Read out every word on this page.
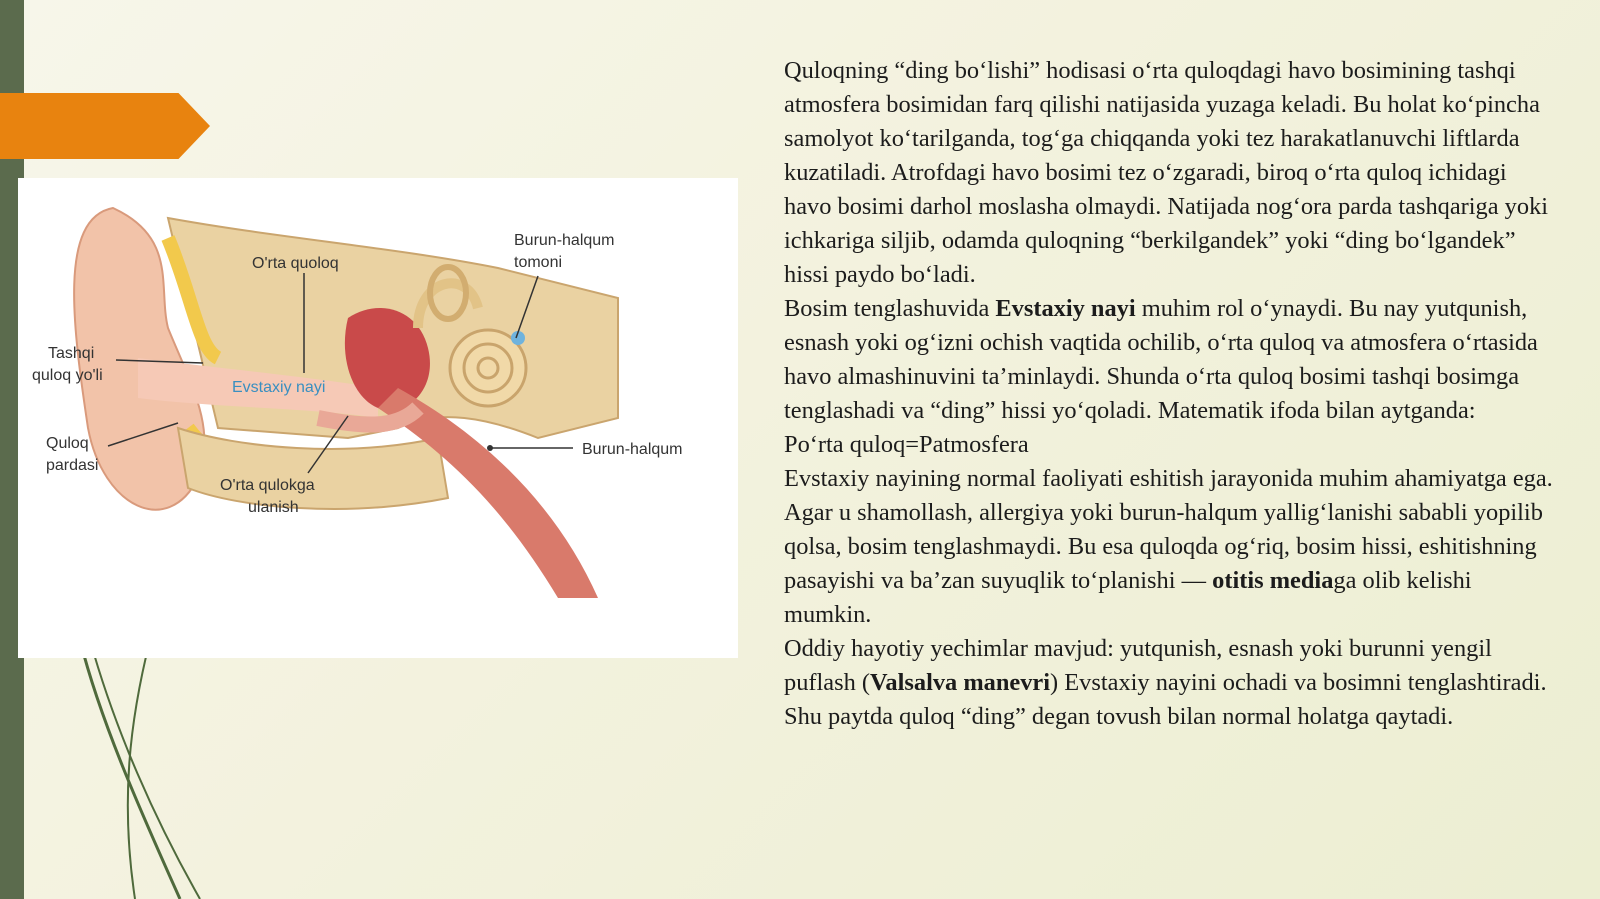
O'rta quoloq
Burun-halqum
tomoni
Tashqi
quloq yo'li
Evstaxiy nayi
Quloq
pardasi
O'rta qulokga
ulanish
Burun-halqum

Quloqning “ding bo‘lishi” hodisasi o‘rta quloqdagi havo bosimining tashqi atmosfera bosimidan farq qilishi natijasida yuzaga keladi. Bu holat ko‘pincha samolyot ko‘tarilganda, tog‘ga chiqqanda yoki tez harakatlanuvchi liftlarda kuzatiladi. Atrofdagi havo bosimi tez o‘zgaradi, biroq o‘rta quloq ichidagi havo bosimi darhol moslasha olmaydi. Natijada nog‘ora parda tashqariga yoki ichkariga siljib, odamda quloqning “berkilgandek” yoki “ding bo‘lgandek” hissi paydo bo‘ladi.

Bosim tenglashuvida Evstaxiy nayi muhim rol o‘ynaydi. Bu nay yutqunish, esnash yoki og‘izni ochish vaqtida ochilib, o‘rta quloq va atmosfera o‘rtasida havo almashinuvini ta’minlaydi. Shunda o‘rta quloq bosimi tashqi bosimga tenglashadi va “ding” hissi yo‘qoladi. Matematik ifoda bilan aytganda:

Po‘rta quloq=Patmosfera

Evstaxiy nayining normal faoliyati eshitish jarayonida muhim ahamiyatga ega. Agar u shamollash, allergiya yoki burun-halqum yallig‘lanishi sababli yopilib qolsa, bosim tenglashmaydi. Bu esa quloqda og‘riq, bosim hissi, eshitishning pasayishi va ba’zan suyuqlik to‘planishi — otitis mediaga olib kelishi mumkin.

Oddiy hayotiy yechimlar mavjud: yutqunish, esnash yoki burunni yengil puflash (Valsalva manevri) Evstaxiy nayini ochadi va bosimni tenglashtiradi. Shu paytda quloq “ding” degan tovush bilan normal holatga qaytadi.
